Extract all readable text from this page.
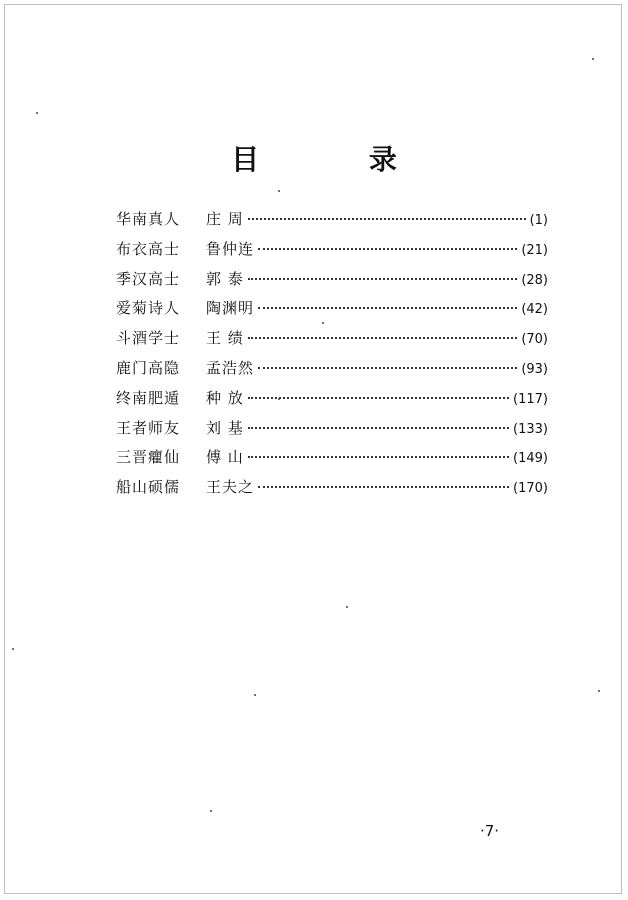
目 录
华南真人	庄 周	(1)
布衣高士	鲁仲连	(21)
季汉高士	郭 泰	(28)
爱菊诗人	陶渊明	(42)
斗酒学士	王 绩	(70)
鹿门高隐	孟浩然	(93)
终南肥遁	种 放	(117)
王者师友	刘 基	(133)
三晋癯仙	傅 山	(149)
船山硕儒	王夫之	(170)
·7·
